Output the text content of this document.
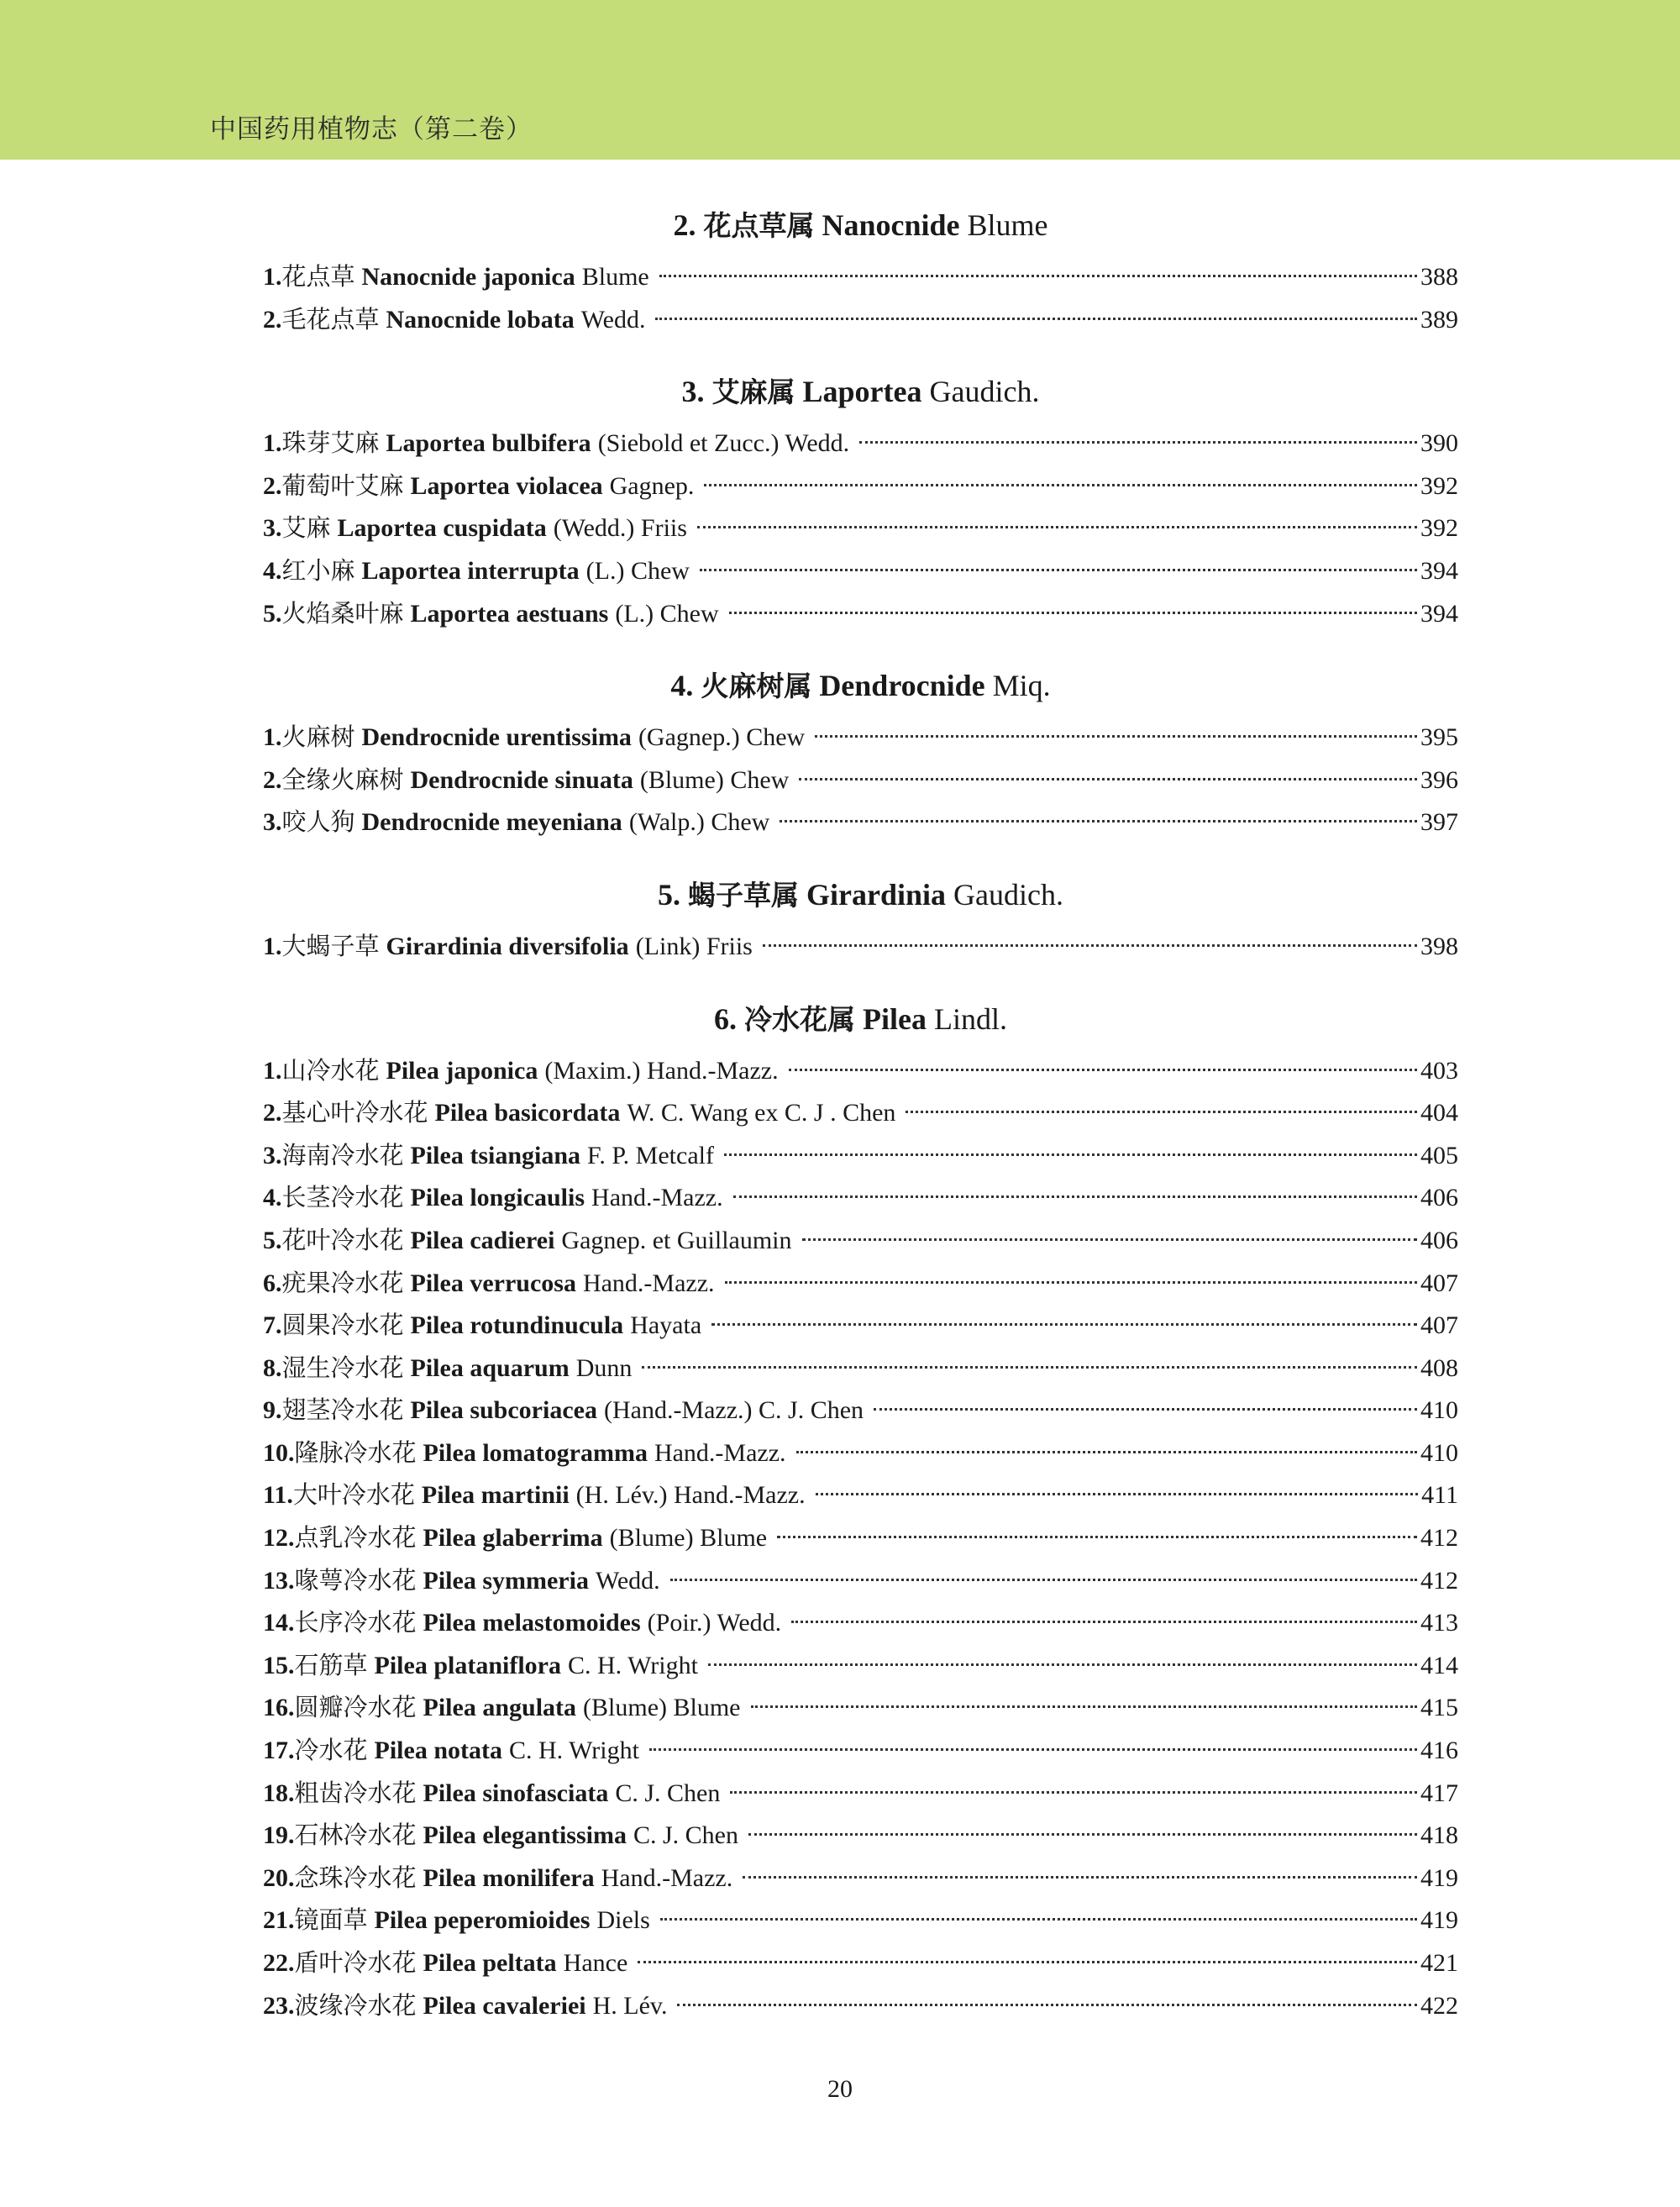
中国药用植物志（第二卷）
2. 花点草属 Nanocnide Blume
1. 花点草 Nanocnide japonica Blume	388
2. 毛花点草 Nanocnide lobata Wedd.	389
3. 艾麻属 Laportea Gaudich.
1. 珠芽艾麻 Laportea bulbifera (Siebold et Zucc.) Wedd.	390
2. 葡萄叶艾麻 Laportea violacea Gagnep.	392
3. 艾麻 Laportea cuspidata (Wedd.) Friis	392
4. 红小麻 Laportea interrupta (L.) Chew	394
5. 火焰桑叶麻 Laportea aestuans (L.) Chew	394
4. 火麻树属 Dendrocnide Miq.
1. 火麻树 Dendrocnide urentissima (Gagnep.) Chew	395
2. 全缘火麻树 Dendrocnide sinuata (Blume) Chew	396
3. 咬人狗 Dendrocnide meyeniana (Walp.) Chew	397
5. 蝎子草属 Girardinia Gaudich.
1. 大蝎子草 Girardinia diversifolia (Link) Friis	398
6. 冷水花属 Pilea Lindl.
1. 山冷水花 Pilea japonica (Maxim.) Hand.-Mazz.	403
2. 基心叶冷水花 Pilea basicordata W. C. Wang ex C. J . Chen	404
3. 海南冷水花 Pilea tsiangiana F. P. Metcalf	405
4. 长茎冷水花 Pilea longicaulis Hand.-Mazz.	406
5. 花叶冷水花 Pilea cadierei Gagnep. et Guillaumin	406
6. 疣果冷水花 Pilea verrucosa Hand.-Mazz.	407
7. 圆果冷水花 Pilea rotundinucula Hayata	407
8. 湿生冷水花 Pilea aquarum Dunn	408
9. 翅茎冷水花 Pilea subcoriacea (Hand.-Mazz.) C. J. Chen	410
10. 隆脉冷水花 Pilea lomatogramma Hand.-Mazz.	410
11. 大叶冷水花 Pilea martinii (H. Lév.) Hand.-Mazz.	411
12. 点乳冷水花 Pilea glaberrima (Blume) Blume	412
13. 喙萼冷水花 Pilea symmeria Wedd.	412
14. 长序冷水花 Pilea melastomoides (Poir.) Wedd.	413
15. 石筋草 Pilea plataniflora C. H. Wright	414
16. 圆瓣冷水花 Pilea angulata (Blume) Blume	415
17. 冷水花 Pilea notata C. H. Wright	416
18. 粗齿冷水花 Pilea sinofasciata C. J. Chen	417
19. 石林冷水花 Pilea elegantissima C. J. Chen	418
20. 念珠冷水花 Pilea monilifera Hand.-Mazz.	419
21. 镜面草 Pilea peperomioides Diels	419
22. 盾叶冷水花 Pilea peltata Hance	421
23. 波缘冷水花 Pilea cavaleriei H. Lév.	422
20
